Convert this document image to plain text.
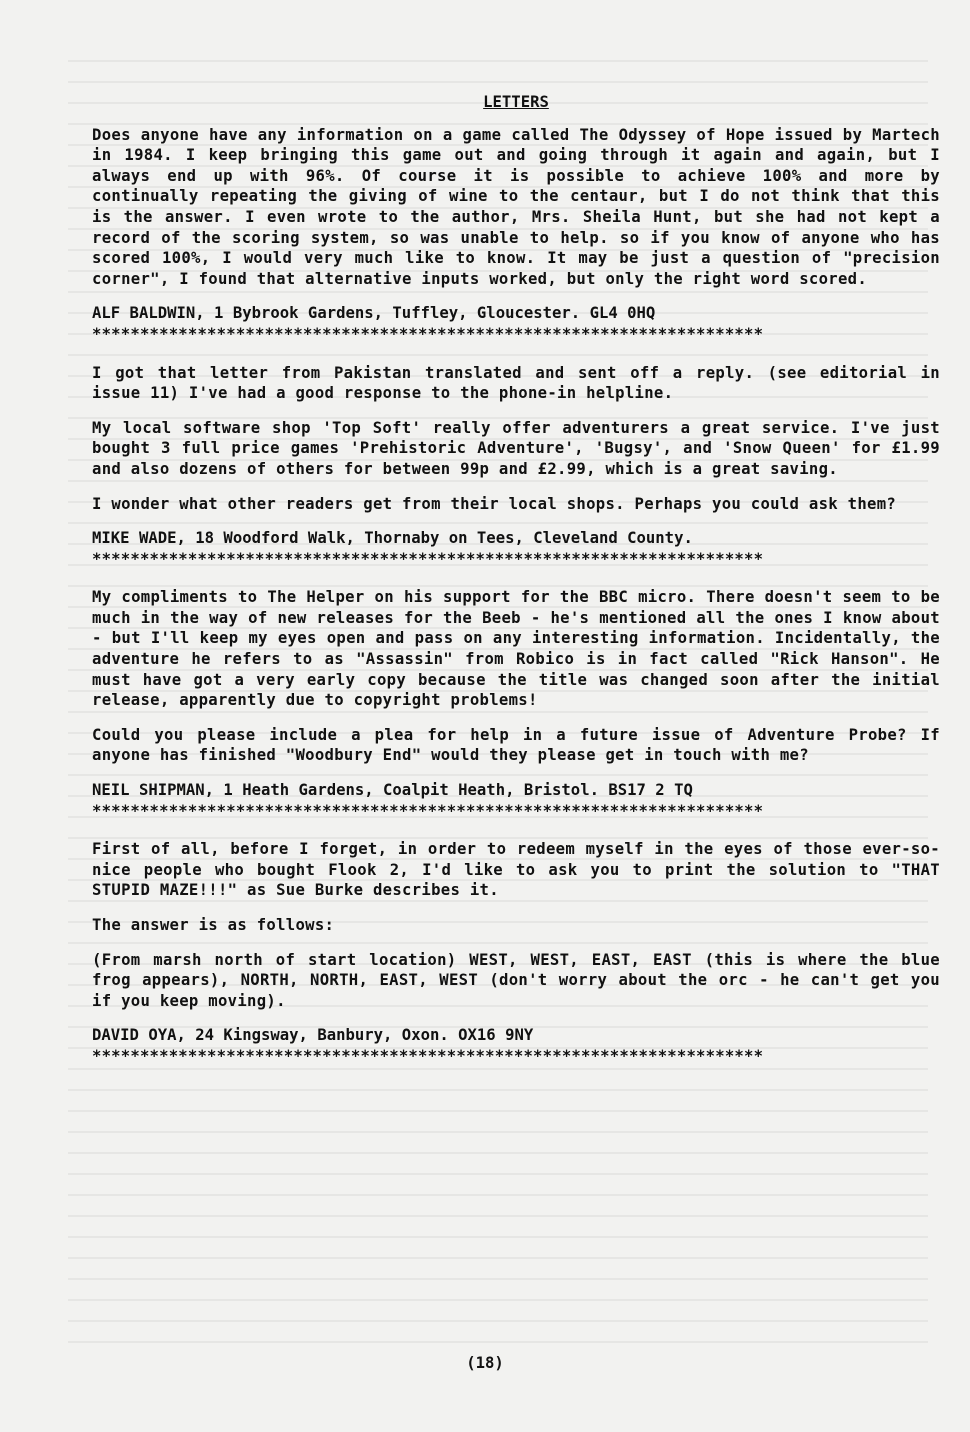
LETTERS

Does anyone have any information on a game called The Odyssey of Hope issued by Martech in 1984. I keep bringing this game out and going through it again and again, but I always end up with 96%. Of course it is possible to achieve 100% and more by continually repeating the giving of wine to the centaur, but I do not think that this is the answer. I even wrote to the author, Mrs. Sheila Hunt, but she had not kept a record of the scoring system, so was unable to help. so if you know of anyone who has scored 100%, I would very much like to know. It may be just a question of "precision corner", I found that alternative inputs worked, but only the right word scored.

ALF BALDWIN, 1 Bybrook Gardens, Tuffley, Gloucester. GL4 0HQ
**********************************************************************

I got that letter from Pakistan translated and sent off a reply. (see editorial in issue 11) I've had a good response to the phone-in helpline.

My local software shop 'Top Soft' really offer adventurers a great service. I've just bought 3 full price games 'Prehistoric Adventure', 'Bugsy', and 'Snow Queen' for £1.99 and also dozens of others for between 99p and £2.99, which is a great saving.

I wonder what other readers get from their local shops. Perhaps you could ask them?

MIKE WADE, 18 Woodford Walk, Thornaby on Tees, Cleveland County.
**********************************************************************

My compliments to The Helper on his support for the BBC micro. There doesn't seem to be much in the way of new releases for the Beeb - he's mentioned all the ones I know about - but I'll keep my eyes open and pass on any interesting information. Incidentally, the adventure he refers to as "Assassin" from Robico is in fact called "Rick Hanson". He must have got a very early copy because the title was changed soon after the initial release, apparently due to copyright problems!

Could you please include a plea for help in a future issue of Adventure Probe? If anyone has finished "Woodbury End" would they please get in touch with me?

NEIL SHIPMAN, 1 Heath Gardens, Coalpit Heath, Bristol. BS17 2 TQ
**********************************************************************

First of all, before I forget, in order to redeem myself in the eyes of those ever-so-nice people who bought Flook 2, I'd like to ask you to print the solution to "THAT STUPID MAZE!!!" as Sue Burke describes it.

The answer is as follows:

(From marsh north of start location) WEST, WEST, EAST, EAST (this is where the blue frog appears), NORTH, NORTH, EAST, WEST (don't worry about the orc - he can't get you if you keep moving).

DAVID OYA, 24 Kingsway, Banbury, Oxon. OX16 9NY
**********************************************************************
(18)
